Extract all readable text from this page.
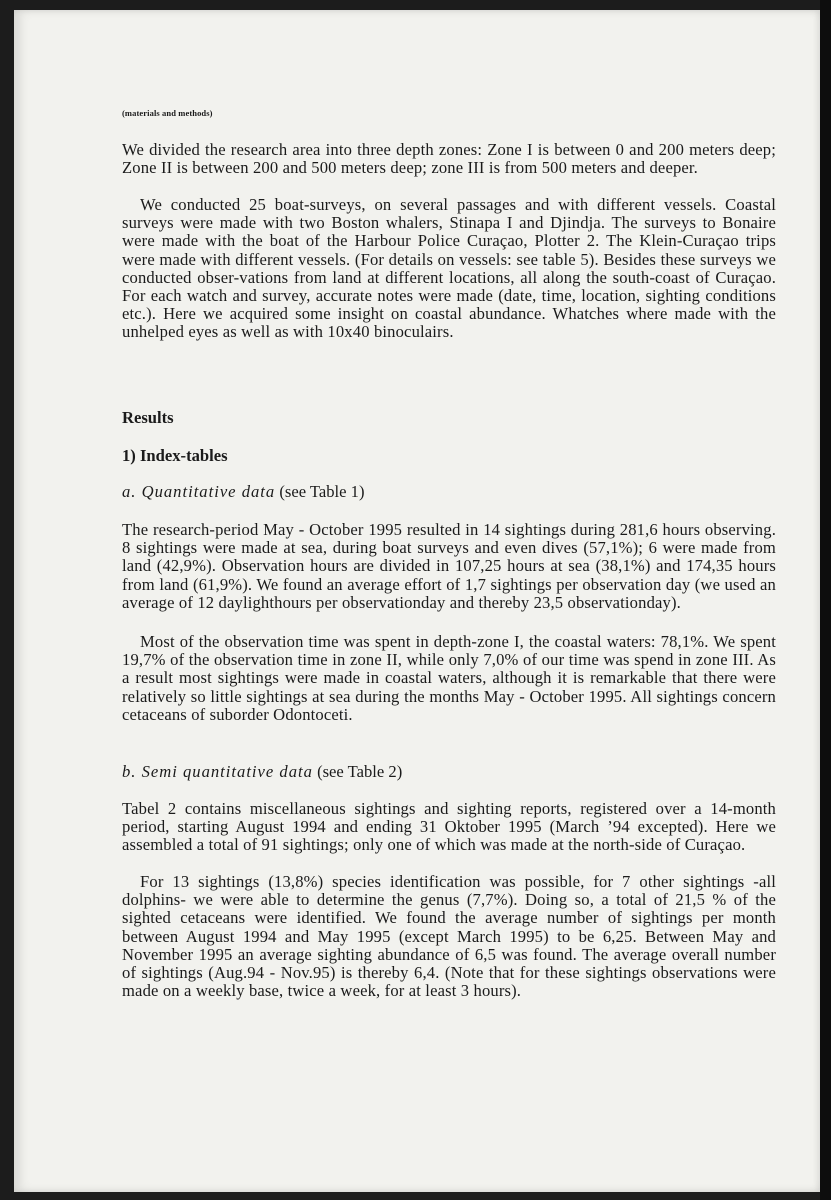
(materials and methods)

We divided the research area into three depth zones: Zone I is between 0 and 200 meters deep; Zone II is between 200 and 500 meters deep; zone III is from 500 meters and deeper.

We conducted 25 boat-surveys, on several passages and with different vessels. Coastal surveys were made with two Boston whalers, Stinapa I and Djindja. The surveys to Bonaire were made with the boat of the Harbour Police Curaçao, Plotter 2. The Klein-Curaçao trips were made with different vessels. (For details on vessels: see table 5). Besides these surveys we conducted obser-vations from land at different locations, all along the south-coast of Curaçao. For each watch and survey, accurate notes were made (date, time, location, sighting conditions etc.). Here we acquired some insight on coastal abundance. Whatches where made with the unhelped eyes as well as with 10x40 binoculairs.

Results
1) Index-tables

a. Quantitative data (see Table 1)

The research-period May - October 1995 resulted in 14 sightings during 281,6 hours observing. 8 sightings were made at sea, during boat surveys and even dives (57,1%); 6 were made from land (42,9%). Observation hours are divided in 107,25 hours at sea (38,1%) and 174,35 hours from land (61,9%). We found an average effort of 1,7 sightings per observation day (we used an average of 12 daylighthours per observationday and thereby 23,5 observationday).

Most of the observation time was spent in depth-zone I, the coastal waters: 78,1%. We spent 19,7% of the observation time in zone II, while only 7,0% of our time was spend in zone III. As a result most sightings were made in coastal waters, although it is remarkable that there were relatively so little sightings at sea during the months May - October 1995. All sightings concern cetaceans of suborder Odontoceti.

b. Semi quantitative data (see Table 2)

Tabel 2 contains miscellaneous sightings and sighting reports, registered over a 14-month period, starting August 1994 and ending 31 Oktober 1995 (March ’94 excepted). Here we assembled a total of 91 sightings; only one of which was made at the north-side of Curaçao.

For 13 sightings (13,8%) species identification was possible, for 7 other sightings -all dolphins- we were able to determine the genus (7,7%). Doing so, a total of 21,5 % of the sighted cetaceans were identified. We found the average number of sightings per month between August 1994 and May 1995 (except March 1995) to be 6,25. Between May and November 1995 an average sighting abundance of 6,5 was found. The average overall number of sightings (Aug.94 - Nov.95) is thereby 6,4. (Note that for these sightings observations were made on a weekly base, twice a week, for at least 3 hours).
